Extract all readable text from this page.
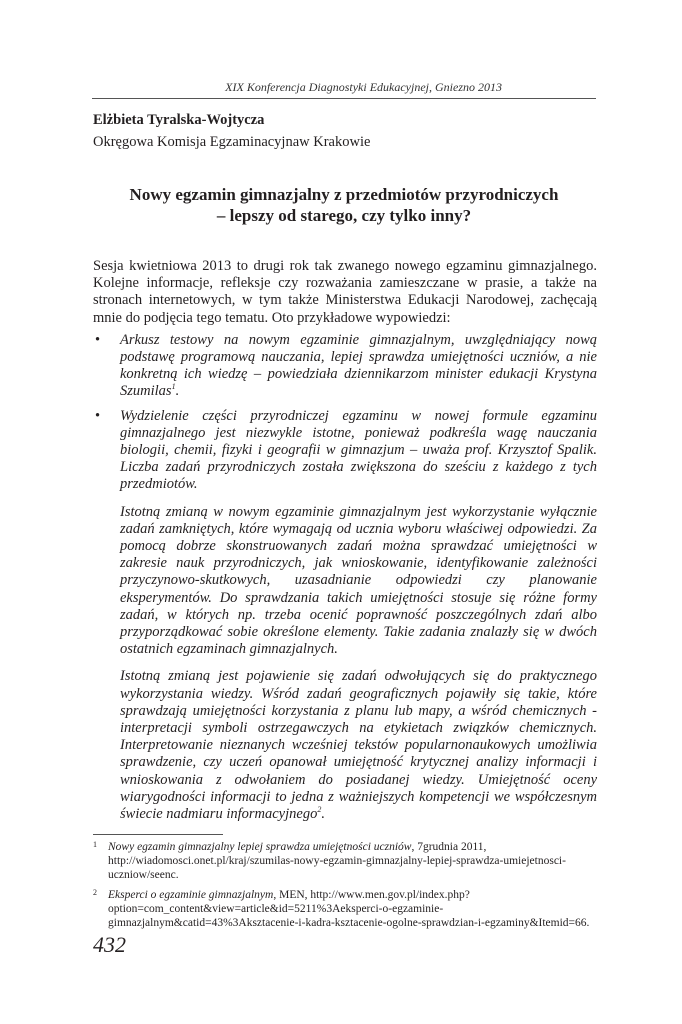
XIX Konferencja Diagnostyki Edukacyjnej, Gniezno 2013
Elżbieta Tyralska-Wojtycza
Okręgowa Komisja Egzaminacyjnaw Krakowie
Nowy egzamin gimnazjalny z przedmiotów przyrodniczych
– lepszy od starego, czy tylko inny?

Sesja kwietniowa 2013 to drugi rok tak zwanego nowego egzaminu gimnazjalnego. Kolejne informacje, refleksje czy rozważania zamieszczane w prasie, a także na stronach internetowych, w tym także Ministerstwa Edukacji Narodowej, zachęcają mnie do podjęcia tego tematu. Oto przykładowe wypowiedzi:

• Arkusz testowy na nowym egzaminie gimnazjalnym, uwzględniający nową podstawę programową nauczania, lepiej sprawdza umiejętności uczniów, a nie konkretną ich wiedzę – powiedziała dziennikarzom minister edukacji Krystyna Szumilas$^1$.
• Wydzielenie części przyrodniczej egzaminu w nowej formule egzaminu gimnazjalnego jest niezwykle istotne, ponieważ podkreśla wagę nauczania biologii, chemii, fizyki i geografii w gimnazjum – uważa prof. Krzysztof Spalik. Liczba zadań przyrodniczych została zwiększona do sześciu z każdego z tych przedmiotów.

Istotną zmianą w nowym egzaminie gimnazjalnym jest wykorzystanie wyłącznie zadań zamkniętych, które wymagają od ucznia wyboru właściwej odpowiedzi. Za pomocą dobrze skonstruowanych zadań można sprawdzać umiejętności w zakresie nauk przyrodniczych, jak wnioskowanie, identyfikowanie zależności przyczynowo-skutkowych, uzasadnianie odpowiedzi czy planowanie eksperymentów. Do sprawdzania takich umiejętności stosuje się różne formy zadań, w których np. trzeba ocenić poprawność poszczególnych zdań albo przyporządkować sobie określone elementy. Takie zadania znalazły się w dwóch ostatnich egzaminach gimnazjalnych.

Istotną zmianą jest pojawienie się zadań odwołujących się do praktycznego wykorzystania wiedzy. Wśród zadań geograficznych pojawiły się takie, które sprawdzają umiejętności korzystania z planu lub mapy, a wśród chemicznych - interpretacji symboli ostrzegawczych na etykietach związków chemicznych. Interpretowanie nieznanych wcześniej tekstów popularnonaukowych umożliwia sprawdzenie, czy uczeń opanował umiejętność krytycznej analizy informacji i wnioskowania z odwołaniem do posiadanej wiedzy. Umiejętność oceny wiarygodności informacji to jedna z ważniejszych kompetencji we współczesnym świecie nadmiaru informacyjnego$^2$.

1 Nowy egzamin gimnazjalny lepiej sprawdza umiejętności uczniów, 7grudnia 2011, http://wiadomosci.onet.pl/kraj/szumilas-nowy-egzamin-gimnazjalny-lepiej-sprawdza-umiejetnosci-uczniow/seenc.
2 Eksperci o egzaminie gimnazjalnym, MEN, http://www.men.gov.pl/index.php?option=com_content&view=article&id=5211%3Aeksperci-o-egzaminie-gimnazjalnym&catid=43%3Aksztacenie-i-kadra-ksztacenie-ogolne-sprawdzian-i-egzaminy&Itemid=66.
432
